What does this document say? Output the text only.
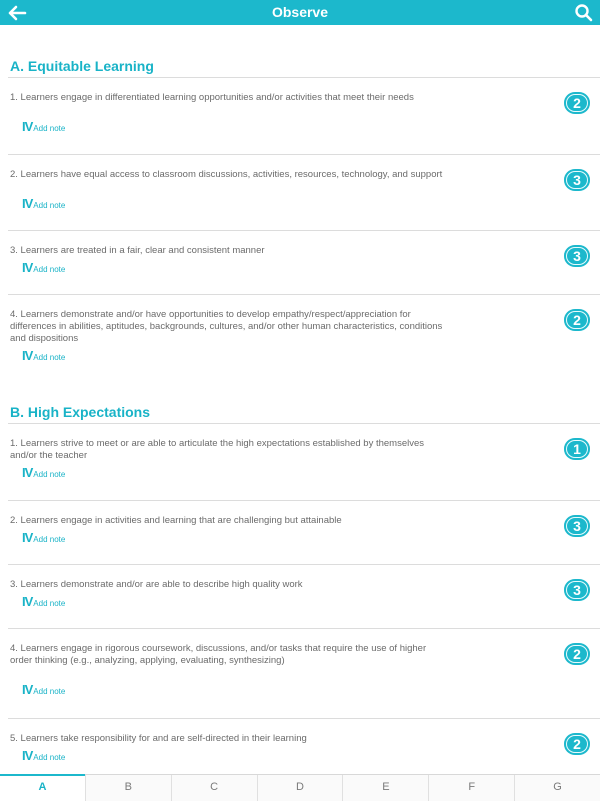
Observe
A. Equitable Learning
1. Learners engage in differentiated learning opportunities and/or activities that meet their needs
IV Add note
2
2. Learners have equal access to classroom discussions, activities, resources, technology, and support
IV Add note
3
3. Learners are treated in a fair, clear and consistent manner
IV Add note
3
4. Learners demonstrate and/or have opportunities to develop empathy/respect/appreciation for differences in abilities, aptitudes, backgrounds, cultures, and/or other human characteristics, conditions and dispositions
IV Add note
2
B. High Expectations
1. Learners strive to meet or are able to articulate the high expectations established by themselves and/or the teacher
IV Add note
1
2. Learners engage in activities and learning that are challenging but attainable
IV Add note
3
3. Learners demonstrate and/or are able to describe high quality work
IV Add note
3
4. Learners engage in rigorous coursework, discussions, and/or tasks that require the use of higher order thinking (e.g., analyzing, applying, evaluating, synthesizing)
IV Add note
2
5. Learners take responsibility for and are self-directed in their learning
IV Add note
2
A	B	C	D	E	F	G
